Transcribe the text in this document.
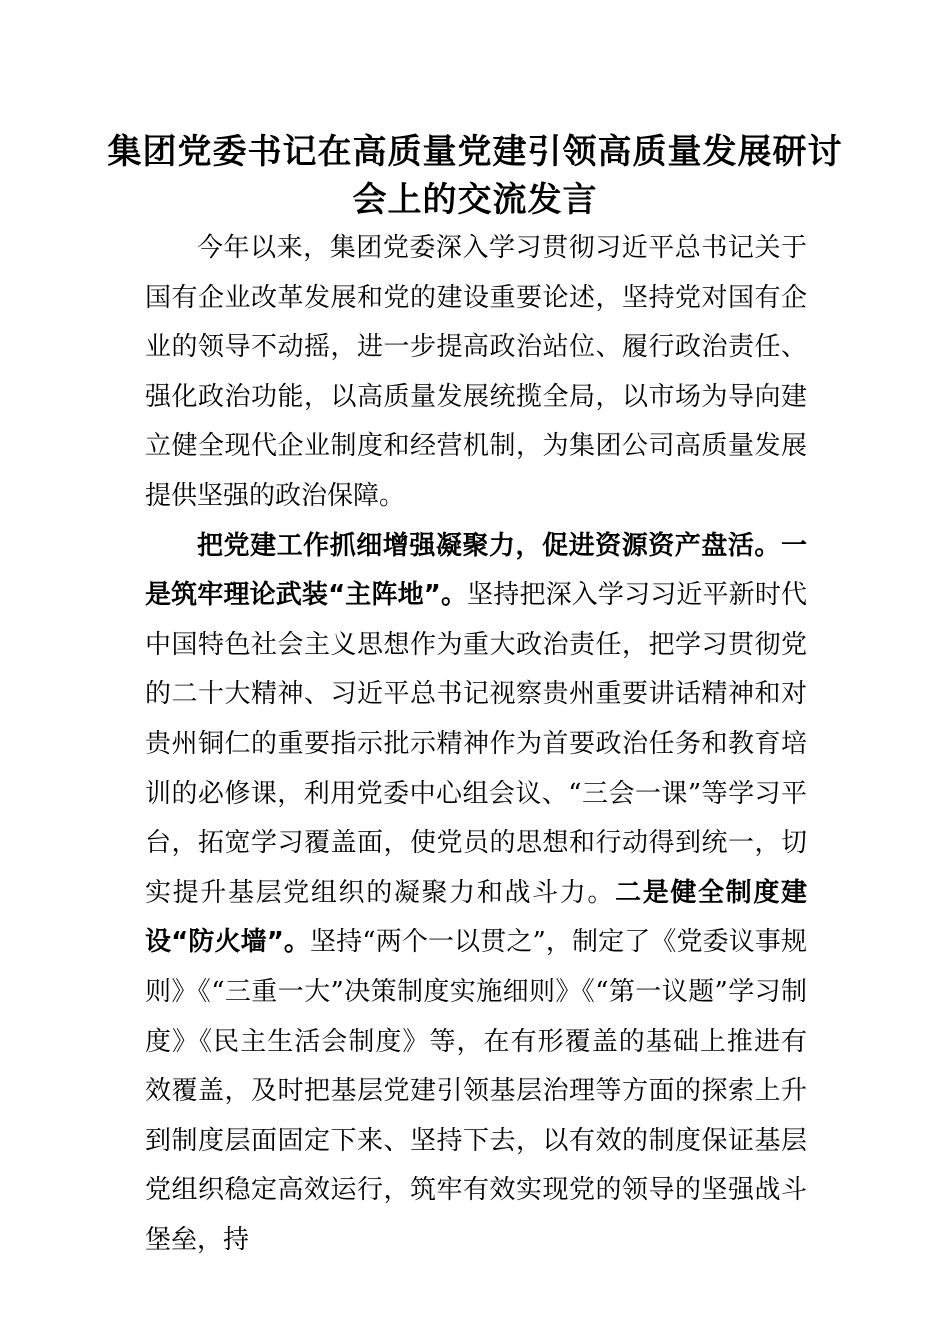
集团党委书记在高质量党建引领高质量发展研讨会上的交流发言

今年以来，集团党委深入学习贯彻习近平总书记关于国有企业改革发展和党的建设重要论述，坚持党对国有企业的领导不动摇，进一步提高政治站位、履行政治责任、强化政治功能，以高质量发展统揽全局，以市场为导向建立健全现代企业制度和经营机制，为集团公司高质量发展提供坚强的政治保障。

把党建工作抓细增强凝聚力，促进资源资产盘活。一是筑牢理论武装“主阵地”。坚持把深入学习习近平新时代中国特色社会主义思想作为重大政治责任，把学习贯彻党的二十大精神、习近平总书记视察贵州重要讲话精神和对贵州铜仁的重要指示批示精神作为首要政治任务和教育培训的必修课，利用党委中心组会议、“三会一课”等学习平台，拓宽学习覆盖面，使党员的思想和行动得到统一，切实提升基层党组织的凝聚力和战斗力。二是健全制度建设“防火墙”。坚持“两个一以贯之”，制定了《党委议事规则》《“三重一大”决策制度实施细则》《“第一议题”学习制度》《民主生活会制度》等，在有形覆盖的基础上推进有效覆盖，及时把基层党建引领基层治理等方面的探索上升到制度层面固定下来、坚持下去，以有效的制度保证基层党组织稳定高效运行，筑牢有效实现党的领导的坚强战斗堡垒，持
